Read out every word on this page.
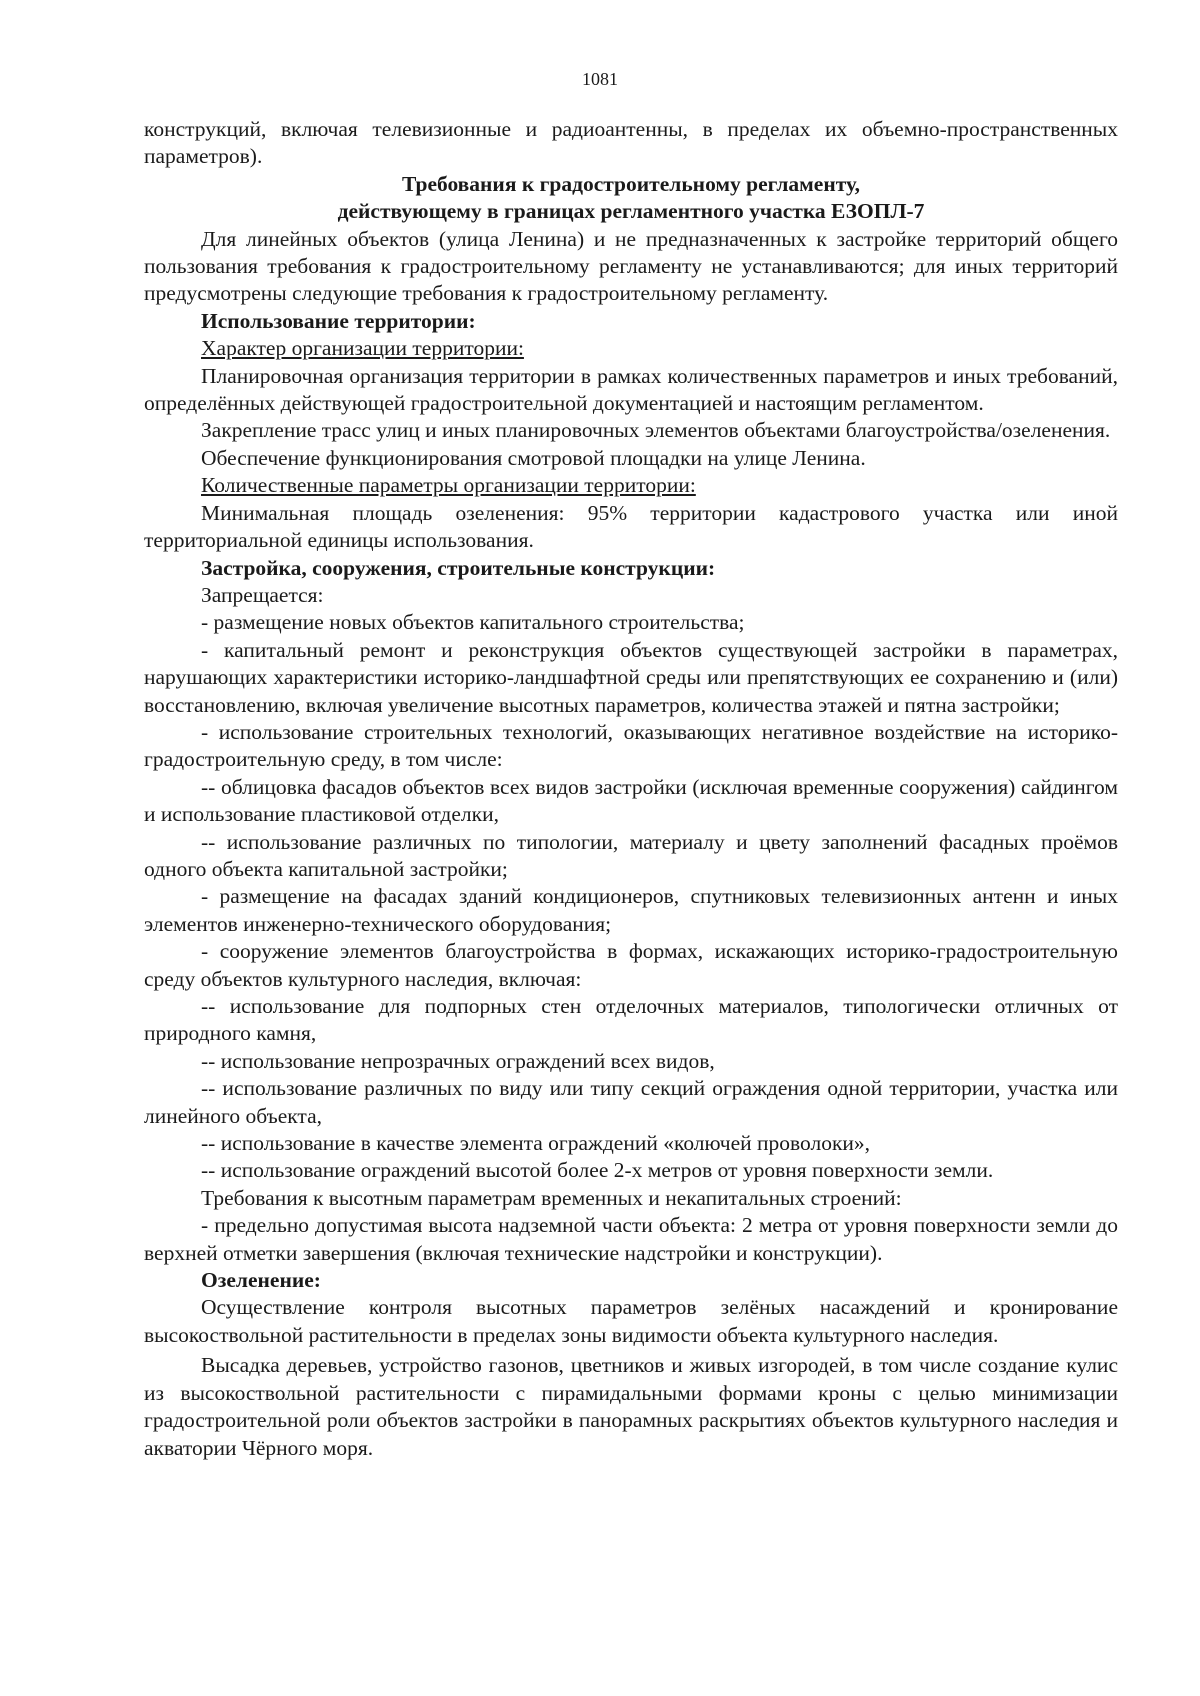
1081

конструкций, включая телевизионные и радиоантенны, в пределах их объемно-пространственных параметров).

Требования к градостроительному регламенту,

действующему в границах регламентного участка ЕЗОПЛ-7

Для линейных объектов (улица Ленина) и не предназначенных к застройке территорий общего пользования требования к градостроительному регламенту не устанавливаются; для иных территорий предусмотрены следующие требования к градостроительному регламенту.

Использование территории:

Характер организации территории:

Планировочная организация территории в рамках количественных параметров и иных требований, определённых действующей градостроительной документацией и настоящим регламентом.

Закрепление трасс улиц и иных планировочных элементов объектами благоустройства/озеленения.

Обеспечение функционирования смотровой площадки на улице Ленина.

Количественные параметры организации территории:

Минимальная площадь озеленения: 95% территории кадастрового участка или иной территориальной единицы использования.

Застройка, сооружения, строительные конструкции:

Запрещается:

- размещение новых объектов капитального строительства;

- капитальный ремонт и реконструкция объектов существующей застройки в параметрах, нарушающих характеристики историко-ландшафтной среды или препятствующих ее сохранению и (или) восстановлению, включая увеличение высотных параметров, количества этажей и пятна застройки;

- использование строительных технологий, оказывающих негативное воздействие на историко-градостроительную среду, в том числе:

-- облицовка фасадов объектов всех видов застройки (исключая временные сооружения) сайдингом и использование пластиковой отделки,

-- использование различных по типологии, материалу и цвету заполнений фасадных проёмов одного объекта капитальной застройки;

- размещение на фасадах зданий кондиционеров, спутниковых телевизионных антенн и иных элементов инженерно-технического оборудования;

- сооружение элементов благоустройства в формах, искажающих историко-градостроительную среду объектов культурного наследия, включая:

-- использование для подпорных стен отделочных материалов, типологически отличных от природного камня,

-- использование непрозрачных ограждений всех видов,

-- использование различных по виду или типу секций ограждения одной территории, участка или линейного объекта,

-- использование в качестве элемента ограждений «колючей проволоки»,

-- использование ограждений высотой более 2-х метров от уровня поверхности земли.

Требования к высотным параметрам временных и некапитальных строений:

- предельно допустимая высота надземной части объекта: 2 метра от уровня поверхности земли до верхней отметки завершения (включая технические надстройки и конструкции).

Озеленение:

Осуществление контроля высотных параметров зелёных насаждений и кронирование высокоствольной растительности в пределах зоны видимости объекта культурного наследия.

Высадка деревьев, устройство газонов, цветников и живых изгородей, в том числе создание кулис из высокоствольной растительности с пирамидальными формами кроны с целью минимизации градостроительной роли объектов застройки в панорамных раскрытиях объектов культурного наследия и акватории Чёрного моря.
